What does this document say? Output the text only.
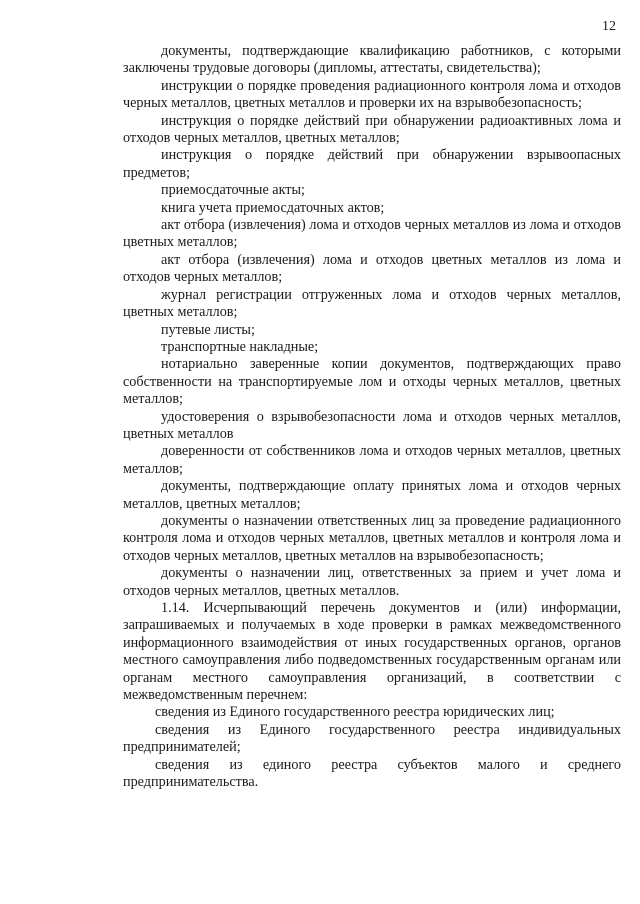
12

документы, подтверждающие квалификацию работников, с которыми заключены трудовые договоры (дипломы, аттестаты, свидетельства);

инструкции о порядке проведения радиационного контроля лома и отходов черных металлов, цветных металлов и проверки их на взрывобезопасность;

инструкция о порядке действий при обнаружении радиоактивных лома и отходов черных металлов, цветных металлов;

инструкция о порядке действий при обнаружении взрывоопасных предметов;

приемосдаточные акты;

книга учета приемосдаточных актов;

акт отбора (извлечения) лома и отходов черных металлов из лома и отходов цветных металлов;

акт отбора (извлечения) лома и отходов цветных металлов из лома и отходов черных металлов;

журнал регистрации отгруженных лома и отходов черных металлов, цветных металлов;

путевые листы;

транспортные накладные;

нотариально заверенные копии документов, подтверждающих право собственности на транспортируемые лом и отходы черных металлов, цветных металлов;

удостоверения о взрывобезопасности лома и отходов черных металлов, цветных металлов

доверенности от собственников лома и отходов черных металлов, цветных металлов;

документы, подтверждающие оплату принятых лома и отходов черных металлов, цветных металлов;

документы о назначении ответственных лиц за проведение радиационного контроля лома и отходов черных металлов, цветных металлов и контроля лома и отходов черных металлов, цветных металлов на взрывобезопасность;

документы о назначении лиц, ответственных за прием и учет лома и отходов черных металлов, цветных металлов.

1.14. Исчерпывающий перечень документов и (или) информации, запрашиваемых и получаемых в ходе проверки в рамках межведомственного информационного взаимодействия от иных государственных органов, органов местного самоуправления либо подведомственных государственным органам или органам местного самоуправления организаций, в соответствии с межведомственным перечнем:

сведения из Единого государственного реестра юридических лиц;

сведения из Единого государственного реестра индивидуальных предпринимателей;

сведения из единого реестра субъектов малого и среднего предпринимательства.
